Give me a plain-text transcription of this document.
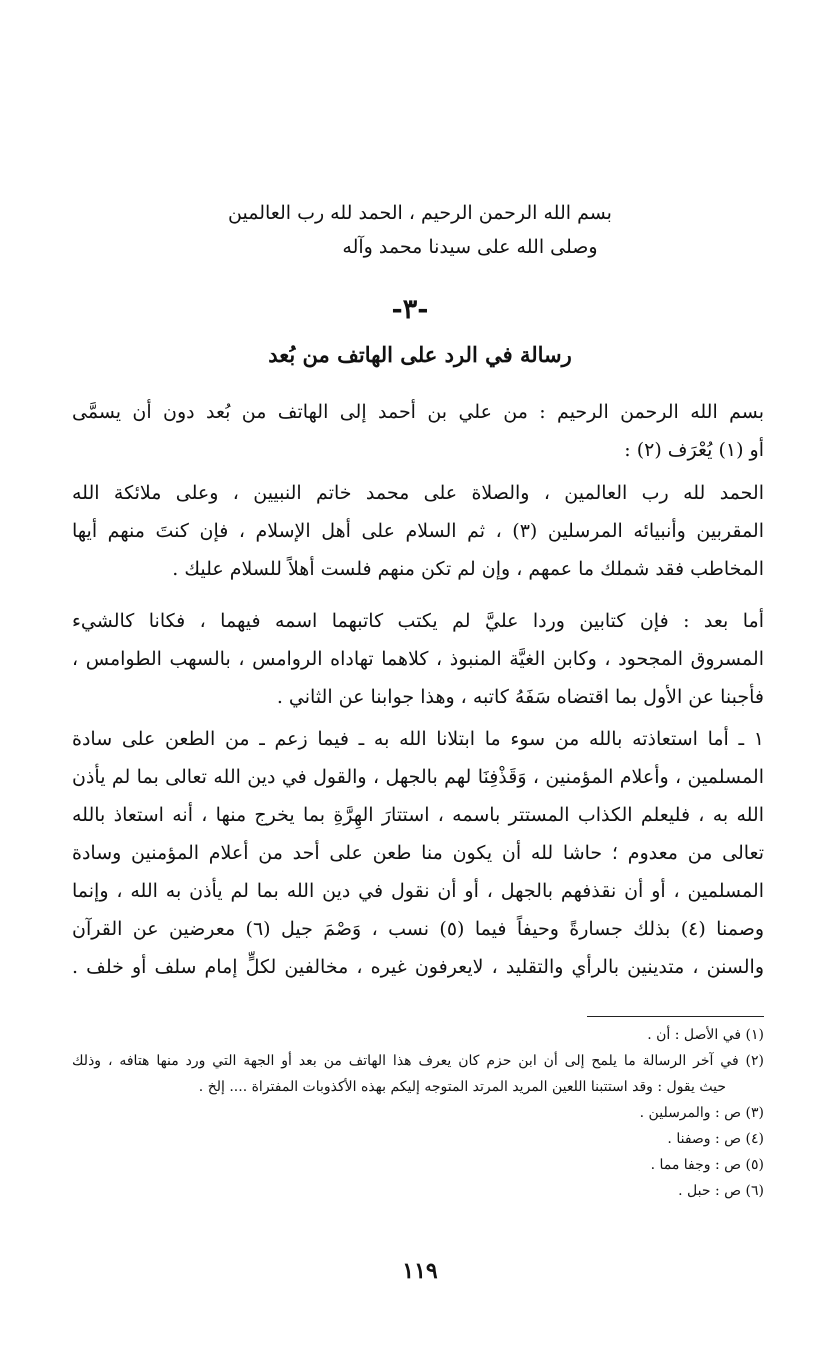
بسم الله الرحمن الرحيم ، الحمد لله رب العالمين
وصلى الله على سيدنا محمد وآله
-٣-
رسالة في الرد على الهاتف من بُعد
بسم الله الرحمن الرحيم : من علي بن أحمد إلى الهاتف من بُعد دون أن يسمَّى
أو (١) يُعْرَف (٢) :
الحمد لله رب العالمين ، والصلاة على محمد خاتم النبيين ، وعلى ملائكة الله
المقربين وأنبيائه المرسلين (٣) ، ثم السلام على أهل الإسلام ، فإن كنتَ منهم أيها
المخاطب فقد شملك ما عمهم ، وإن لم تكن منهم فلست أهلاً للسلام عليك .
أما بعد : فإن كتابين وردا عليَّ لم يكتب كاتبهما اسمه فيهما ، فكانا كالشيء
المسروق المجحود ، وكابن الغيَّة المنبوذ ، كلاهما تهاداه الروامس ، بالسهب الطوامس ،
فأجبنا عن الأول بما اقتضاه سَفَهُ كاتبه ، وهذا جوابنا عن الثاني .
١ ـ أما استعاذته بالله من سوء ما ابتلانا الله به ـ فيما زعم ـ من الطعن على سادة
المسلمين ، وأعلام المؤمنين ، وَقَذْفِنَا لهم بالجهل ، والقول في دين الله تعالى بما لم يأذن
الله به ، فليعلم الكذاب المستتر باسمه ، استتارَ الهِرَّةِ بما يخرج منها ، أنه استعاذ بالله
تعالى من معدوم ؛ حاشا لله أن يكون منا طعن على أحد من أعلام المؤمنين وسادة
المسلمين ، أو أن نقذفهم بالجهل ، أو أن نقول في دين الله بما لم يأذن به الله ، وإنما
وصمنا (٤) بذلك جسارةً وحيفاً فيما (٥) نسب ، وَصْمَ جيل (٦) معرضين عن القرآن
والسنن ، متدينين بالرأي والتقليد ، لايعرفون غيره ، مخالفين لكلٍّ إمام سلف أو خلف .
(١) في الأصل : أن .
(٢) في آخر الرسالة ما يلمح إلى أن ابن حزم كان يعرف هذا الهاتف من بعد أو الجهة التي ورد منها هتافه ، وذلك
حيث يقول : وقد استتبنا اللعين المريد المرتد المتوجه إليكم بهذه الأكذوبات المفتراة .... إلخ .
(٣) ص : والمرسلين .
(٤) ص : وصفنا .
(٥) ص : وجفا مما .
(٦) ص : حبل .
١١٩
